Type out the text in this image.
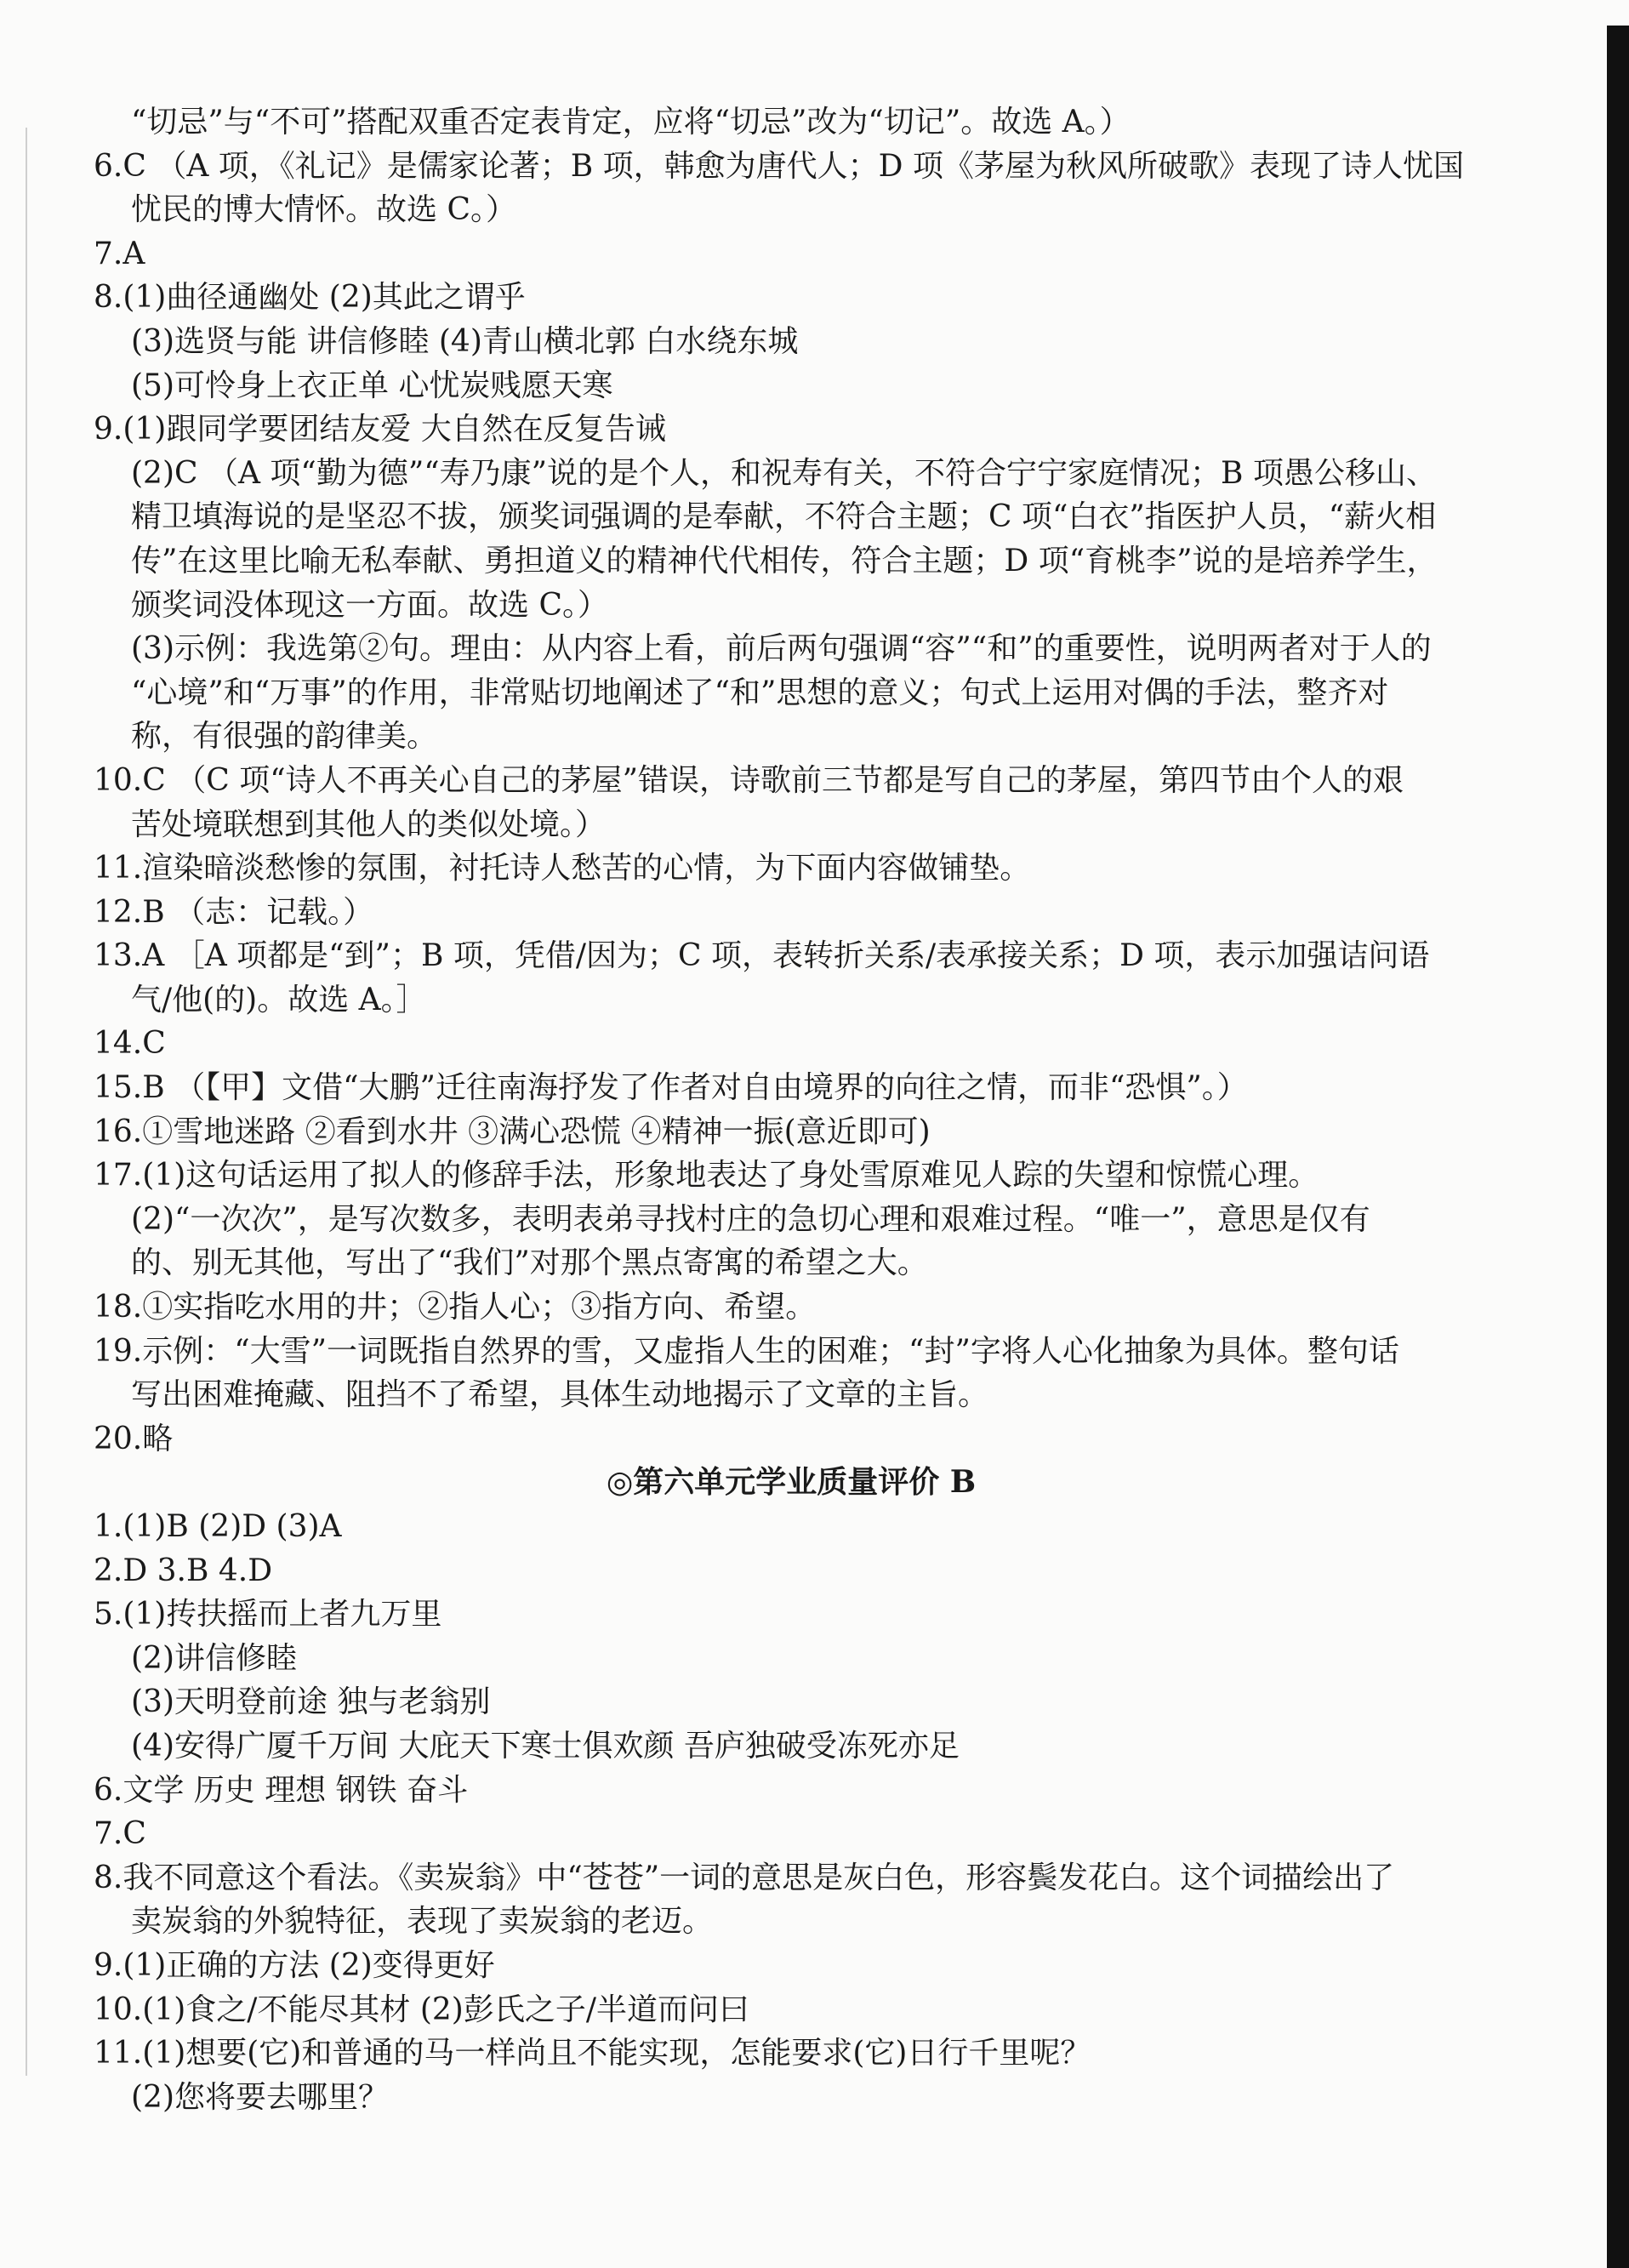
“切忌”与“不可”搭配双重否定表肯定，应将“切忌”改为“切记”。故选 A。）
6.C （A 项，《礼记》是儒家论著；B 项，韩愈为唐代人；D 项《茅屋为秋风所破歌》表现了诗人忧国
忧民的博大情怀。故选 C。）
7.A
8.(1)曲径通幽处 (2)其此之谓乎
(3)选贤与能 讲信修睦 (4)青山横北郭 白水绕东城
(5)可怜身上衣正单 心忧炭贱愿天寒
9.(1)跟同学要团结友爱 大自然在反复告诫
(2)C （A 项“勤为德”“寿乃康”说的是个人，和祝寿有关，不符合宁宁家庭情况；B 项愚公移山、
精卫填海说的是坚忍不拔，颁奖词强调的是奉献，不符合主题；C 项“白衣”指医护人员，“薪火相
传”在这里比喻无私奉献、勇担道义的精神代代相传，符合主题；D 项“育桃李”说的是培养学生，
颁奖词没体现这一方面。故选 C。）
(3)示例：我选第②句。理由：从内容上看，前后两句强调“容”“和”的重要性，说明两者对于人的
“心境”和“万事”的作用，非常贴切地阐述了“和”思想的意义；句式上运用对偶的手法，整齐对
称，有很强的韵律美。
10.C （C 项“诗人不再关心自己的茅屋”错误，诗歌前三节都是写自己的茅屋，第四节由个人的艰
苦处境联想到其他人的类似处境。）
11.渲染暗淡愁惨的氛围，衬托诗人愁苦的心情，为下面内容做铺垫。
12.B （志：记载。）
13.A ［A 项都是“到”；B 项，凭借/因为；C 项，表转折关系/表承接关系；D 项，表示加强诘问语
气/他(的)。故选 A。］
14.C
15.B （【甲】文借“大鹏”迁往南海抒发了作者对自由境界的向往之情，而非“恐惧”。）
16.①雪地迷路 ②看到水井 ③满心恐慌 ④精神一振(意近即可)
17.(1)这句话运用了拟人的修辞手法，形象地表达了身处雪原难见人踪的失望和惊慌心理。
(2)“一次次”，是写次数多，表明表弟寻找村庄的急切心理和艰难过程。“唯一”，意思是仅有
的、别无其他，写出了“我们”对那个黑点寄寓的希望之大。
18.①实指吃水用的井；②指人心；③指方向、希望。
19.示例：“大雪”一词既指自然界的雪，又虚指人生的困难；“封”字将人心化抽象为具体。整句话
写出困难掩藏、阻挡不了希望，具体生动地揭示了文章的主旨。
20.略
◎第六单元学业质量评价 B
1.(1)B (2)D (3)A
2.D 3.B 4.D
5.(1)抟扶摇而上者九万里
(2)讲信修睦
(3)天明登前途 独与老翁别
(4)安得广厦千万间 大庇天下寒士俱欢颜 吾庐独破受冻死亦足
6.文学 历史 理想 钢铁 奋斗
7.C
8.我不同意这个看法。《卖炭翁》中“苍苍”一词的意思是灰白色，形容鬓发花白。这个词描绘出了
卖炭翁的外貌特征，表现了卖炭翁的老迈。
9.(1)正确的方法 (2)变得更好
10.(1)食之/不能尽其材 (2)彭氏之子/半道而问曰
11.(1)想要(它)和普通的马一样尚且不能实现，怎能要求(它)日行千里呢？
(2)您将要去哪里？
